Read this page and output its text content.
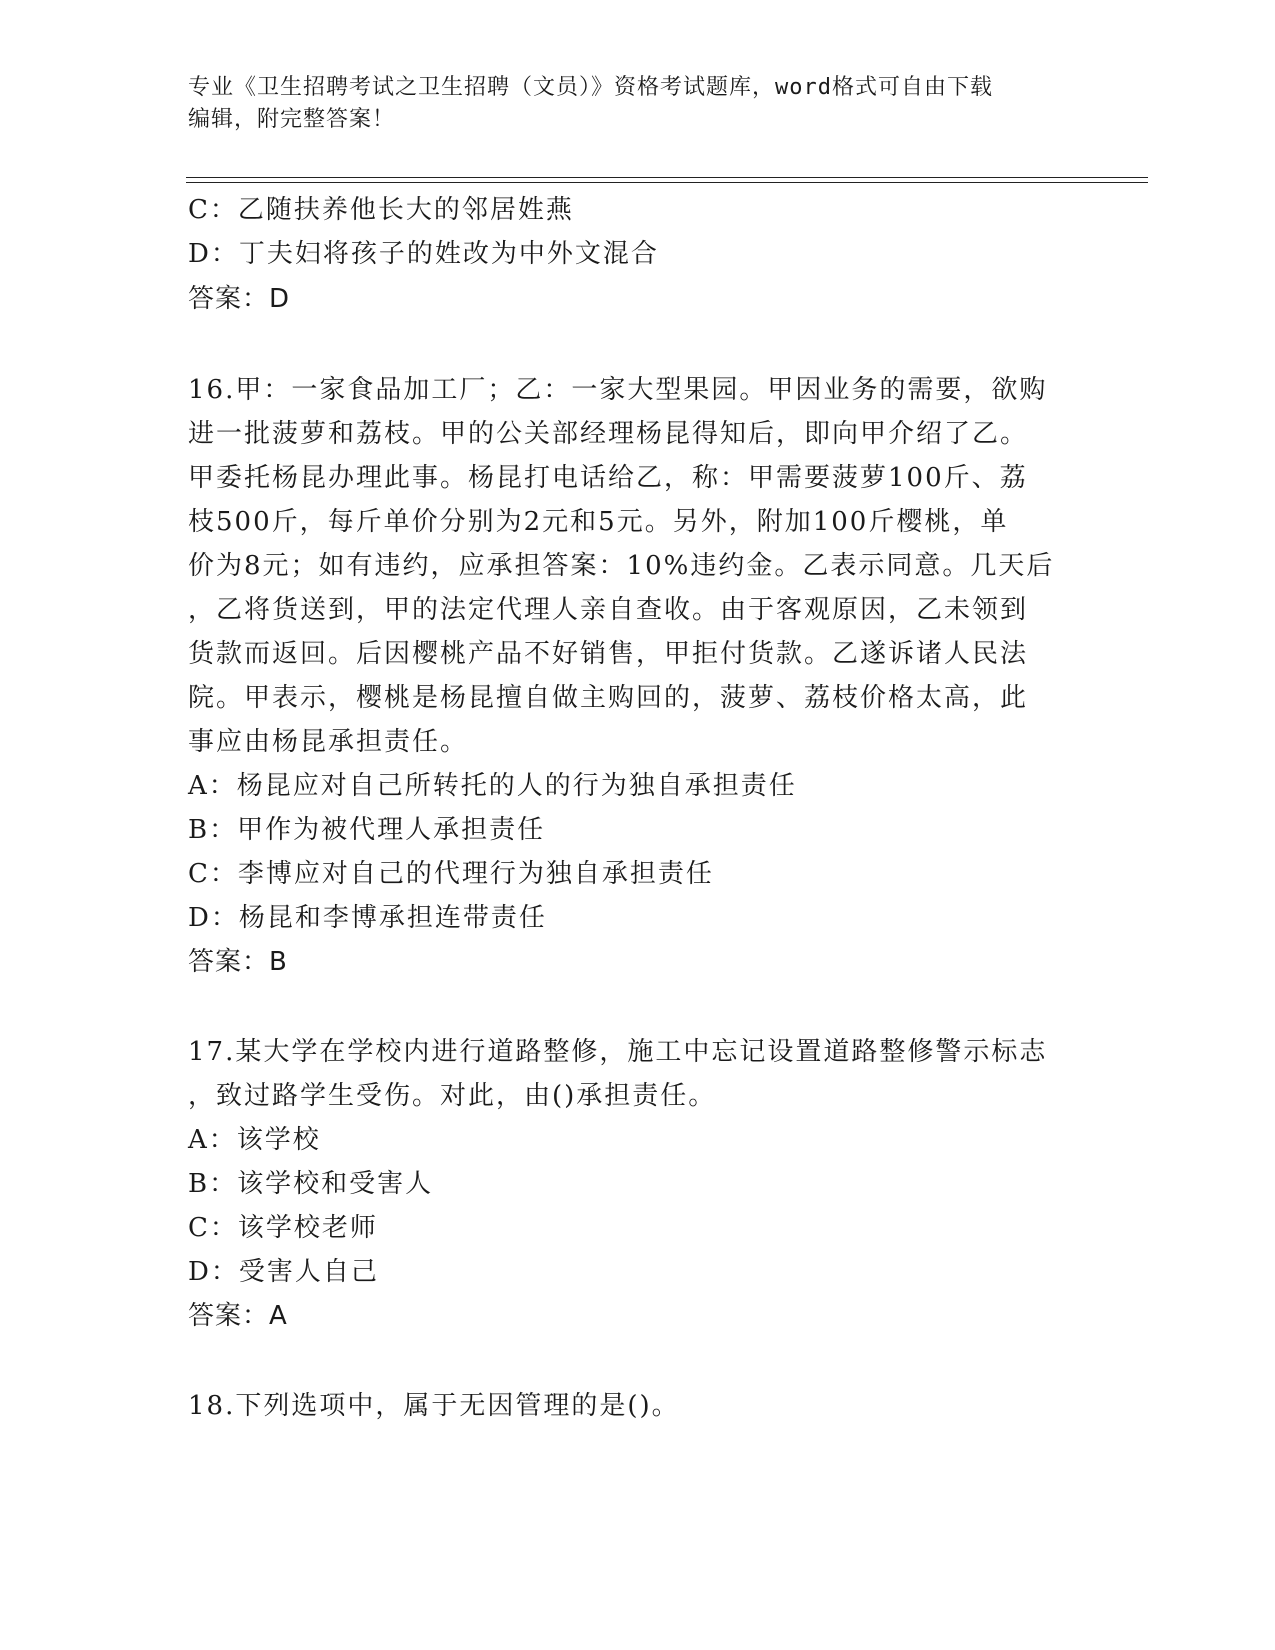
专业《卫生招聘考试之卫生招聘（文员）》资格考试题库，word格式可自由下载
编辑，附完整答案！
C：乙随扶养他长大的邻居姓燕
D：丁夫妇将孩子的姓改为中外文混合
答案：D
16.甲：一家食品加工厂；乙：一家大型果园。甲因业务的需要，欲购
进一批菠萝和荔枝。甲的公关部经理杨昆得知后，即向甲介绍了乙。
甲委托杨昆办理此事。杨昆打电话给乙，称：甲需要菠萝100斤、荔
枝500斤，每斤单价分别为2元和5元。另外，附加100斤樱桃，单
价为8元；如有违约，应承担答案：10%违约金。乙表示同意。几天后
，乙将货送到，甲的法定代理人亲自查收。由于客观原因，乙未领到
货款而返回。后因樱桃产品不好销售，甲拒付货款。乙遂诉诸人民法
院。甲表示，樱桃是杨昆擅自做主购回的，菠萝、荔枝价格太高，此
事应由杨昆承担责任。
A：杨昆应对自己所转托的人的行为独自承担责任
B：甲作为被代理人承担责任
C：李博应对自己的代理行为独自承担责任
D：杨昆和李博承担连带责任
答案：B
17.某大学在学校内进行道路整修，施工中忘记设置道路整修警示标志
，致过路学生受伤。对此，由()承担责任。
A：该学校
B：该学校和受害人
C：该学校老师
D：受害人自己
答案：A
18.下列选项中，属于无因管理的是()。
